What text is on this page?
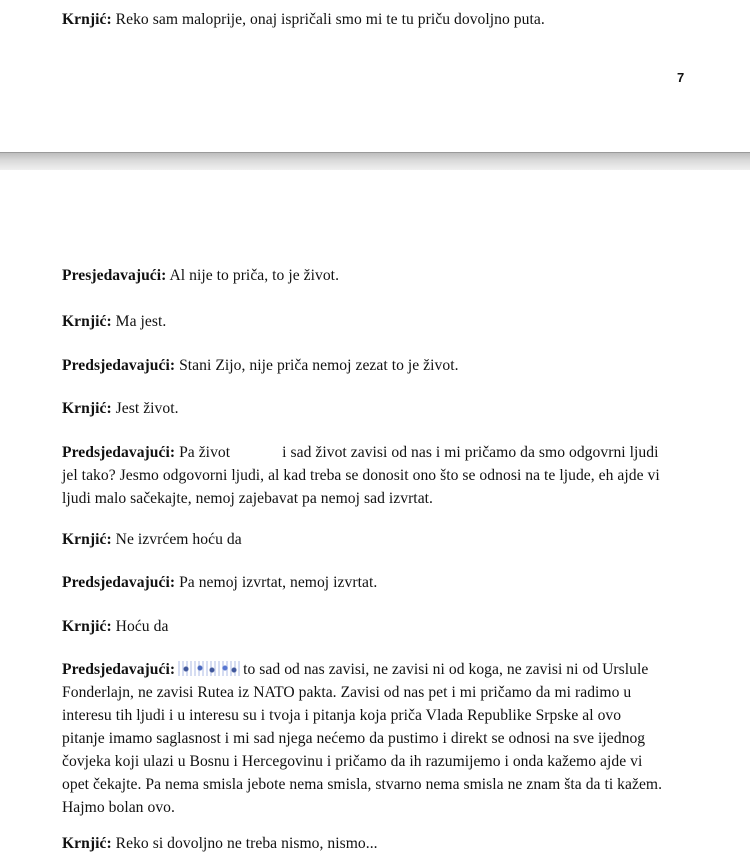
Krnjić: Reko sam maloprije, onaj ispričali smo mi te tu priču dovoljno puta.
7
Presjedavajući: Al nije to priča, to je život.
Krnjić: Ma jest.
Predsjedavajući: Stani Zijo, nije priča nemoj zezat to je život.
Krnjić: Jest život.
Predsjedavajući: Pa život	i sad život zavisi od nas i mi pričamo da smo odgovrni ljudi
jel tako? Jesmo odgovorni ljudi, al kad treba se donosit ono što se odnosi na te ljude, eh ajde vi
ljudi malo sačekajte, nemoj zajebavat pa nemoj sad izvrtat.
Krnjić: Ne izvrćem hoću da
Predsjedavajući: Pa nemoj izvrtat, nemoj izvrtat.
Krnjić: Hoću da
Predsjedavajući:	to sad od nas zavisi, ne zavisi ni od koga, ne zavisi ni od Urslule
Fonderlajn, ne zavisi Rutea iz NATO pakta. Zavisi od nas pet i mi pričamo da mi radimo u
interesu tih ljudi i u interesu su i tvoja i pitanja koja priča Vlada Republike Srpske al ovo
pitanje imamo saglasnost i mi sad njega nećemo da pustimo i direkt se odnosi na sve ijednog
čovjeka koji ulazi u Bosnu i Hercegovinu i pričamo da ih razumijemo i onda kažemo ajde vi
opet čekajte. Pa nema smisla jebote nema smisla, stvarno nema smisla ne znam šta da ti kažem.
Hajmo bolan ovo.
Krnjić: Reko si dovoljno ne treba nismo, nismo...
